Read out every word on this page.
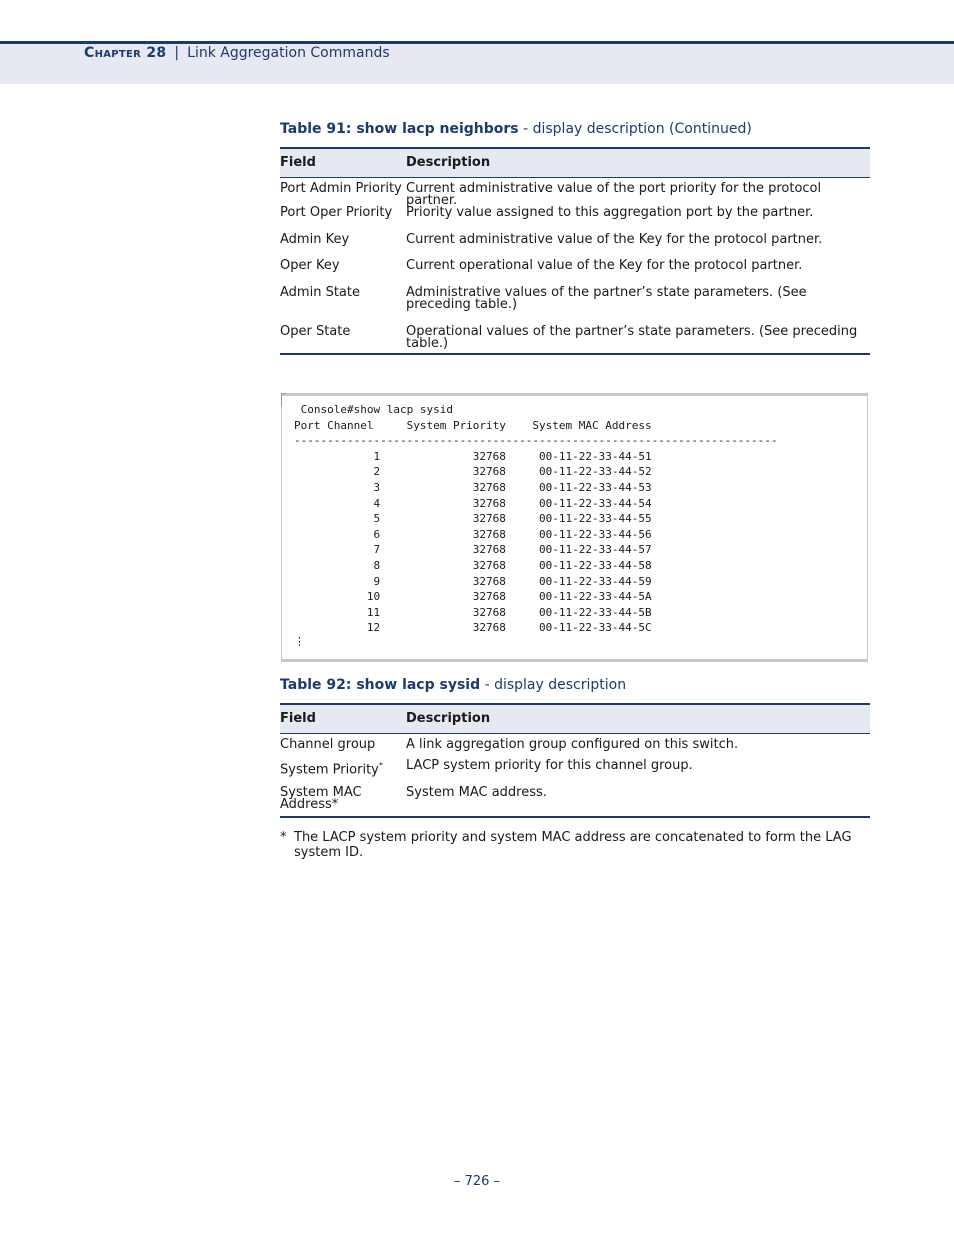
Chapter 28 | Link Aggregation Commands
Table 91: show lacp neighbors - display description (Continued)
Field	Description
Port Admin Priority	Current administrative value of the port priority for the protocol partner.
Port Oper Priority	Priority value assigned to this aggregation port by the partner.
Admin Key	Current administrative value of the Key for the protocol partner.
Oper Key	Current operational value of the Key for the protocol partner.
Admin State	Administrative values of the partner’s state parameters. (See preceding table.)
Oper State	Operational values of the partner’s state parameters. (See preceding table.)
Console#show lacp sysid
Port Channel     System Priority    System MAC Address
-------------------------------------------------------------------------
1              32768     00-11-22-33-44-51
2              32768     00-11-22-33-44-52
3              32768     00-11-22-33-44-53
4              32768     00-11-22-33-44-54
5              32768     00-11-22-33-44-55
6              32768     00-11-22-33-44-56
7              32768     00-11-22-33-44-57
8              32768     00-11-22-33-44-58
9              32768     00-11-22-33-44-59
10              32768     00-11-22-33-44-5A
11              32768     00-11-22-33-44-5B
12              32768     00-11-22-33-44-5C
⋮
Table 92: show lacp sysid - display description
Field	Description
Channel group	A link aggregation group configured on this switch.
System Priority*	LACP system priority for this channel group.
System MAC Address*	System MAC address.
* The LACP system priority and system MAC address are concatenated to form the LAG system ID.
– 726 –
